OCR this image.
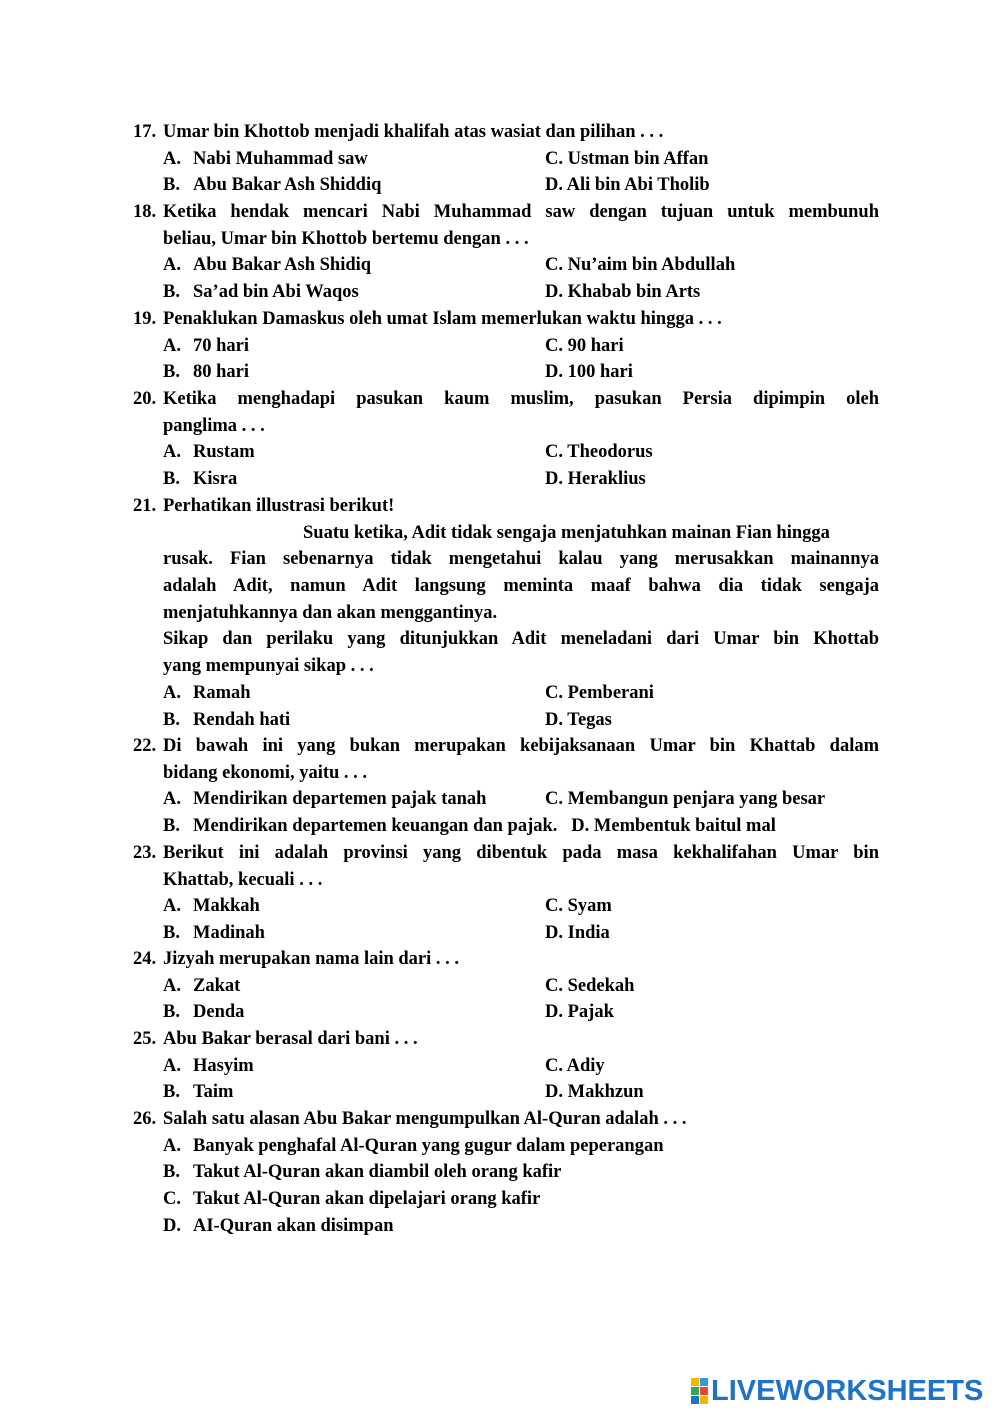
17. Umar bin Khottob menjadi khalifah atas wasiat dan pilihan . . .
A. Nabi Muhammad saw	C. Ustman bin Affan
B. Abu Bakar Ash Shiddiq	D. Ali bin Abi Tholib
18. Ketika hendak mencari Nabi Muhammad saw dengan tujuan untuk membunuh
beliau, Umar bin Khottob bertemu dengan . . .
A. Abu Bakar Ash Shidiq	C. Nu’aim bin Abdullah
B. Sa’ad bin Abi Waqos	D. Khabab bin Arts
19. Penaklukan Damaskus oleh umat Islam memerlukan waktu hingga . . .
A. 70 hari	C. 90 hari
B. 80 hari	D. 100 hari
20. Ketika menghadapi pasukan kaum muslim, pasukan Persia dipimpin oleh
panglima . . .
A. Rustam	C. Theodorus
B. Kisra	D. Heraklius
21. Perhatikan illustrasi berikut!
Suatu ketika, Adit tidak sengaja menjatuhkan mainan Fian hingga
rusak. Fian sebenarnya tidak mengetahui kalau yang merusakkan mainannya
adalah Adit, namun Adit langsung meminta maaf bahwa dia tidak sengaja
menjatuhkannya dan akan menggantinya.
Sikap dan perilaku yang ditunjukkan Adit meneladani dari Umar bin Khottab
yang mempunyai sikap . . .
A. Ramah	C. Pemberani
B. Rendah hati	D. Tegas
22. Di bawah ini yang bukan merupakan kebijaksanaan Umar bin Khattab dalam
bidang ekonomi, yaitu . . .
A. Mendirikan departemen pajak tanah	C. Membangun penjara yang besar
B. Mendirikan departemen keuangan dan pajak. D. Membentuk baitul mal
23. Berikut ini adalah provinsi yang dibentuk pada masa kekhalifahan Umar bin
Khattab, kecuali . . .
A. Makkah	C. Syam
B. Madinah	D. India
24. Jizyah merupakan nama lain dari . . .
A. Zakat	C. Sedekah
B. Denda	D. Pajak
25. Abu Bakar berasal dari bani . . .
A. Hasyim	C. Adiy
B. Taim	D. Makhzun
26. Salah satu alasan Abu Bakar mengumpulkan Al-Quran adalah . . .
A. Banyak penghafal Al-Quran yang gugur dalam peperangan
B. Takut Al-Quran akan diambil oleh orang kafir
C. Takut Al-Quran akan dipelajari orang kafir
D. AI-Quran akan disimpan
LIVEWORKSHEETS
